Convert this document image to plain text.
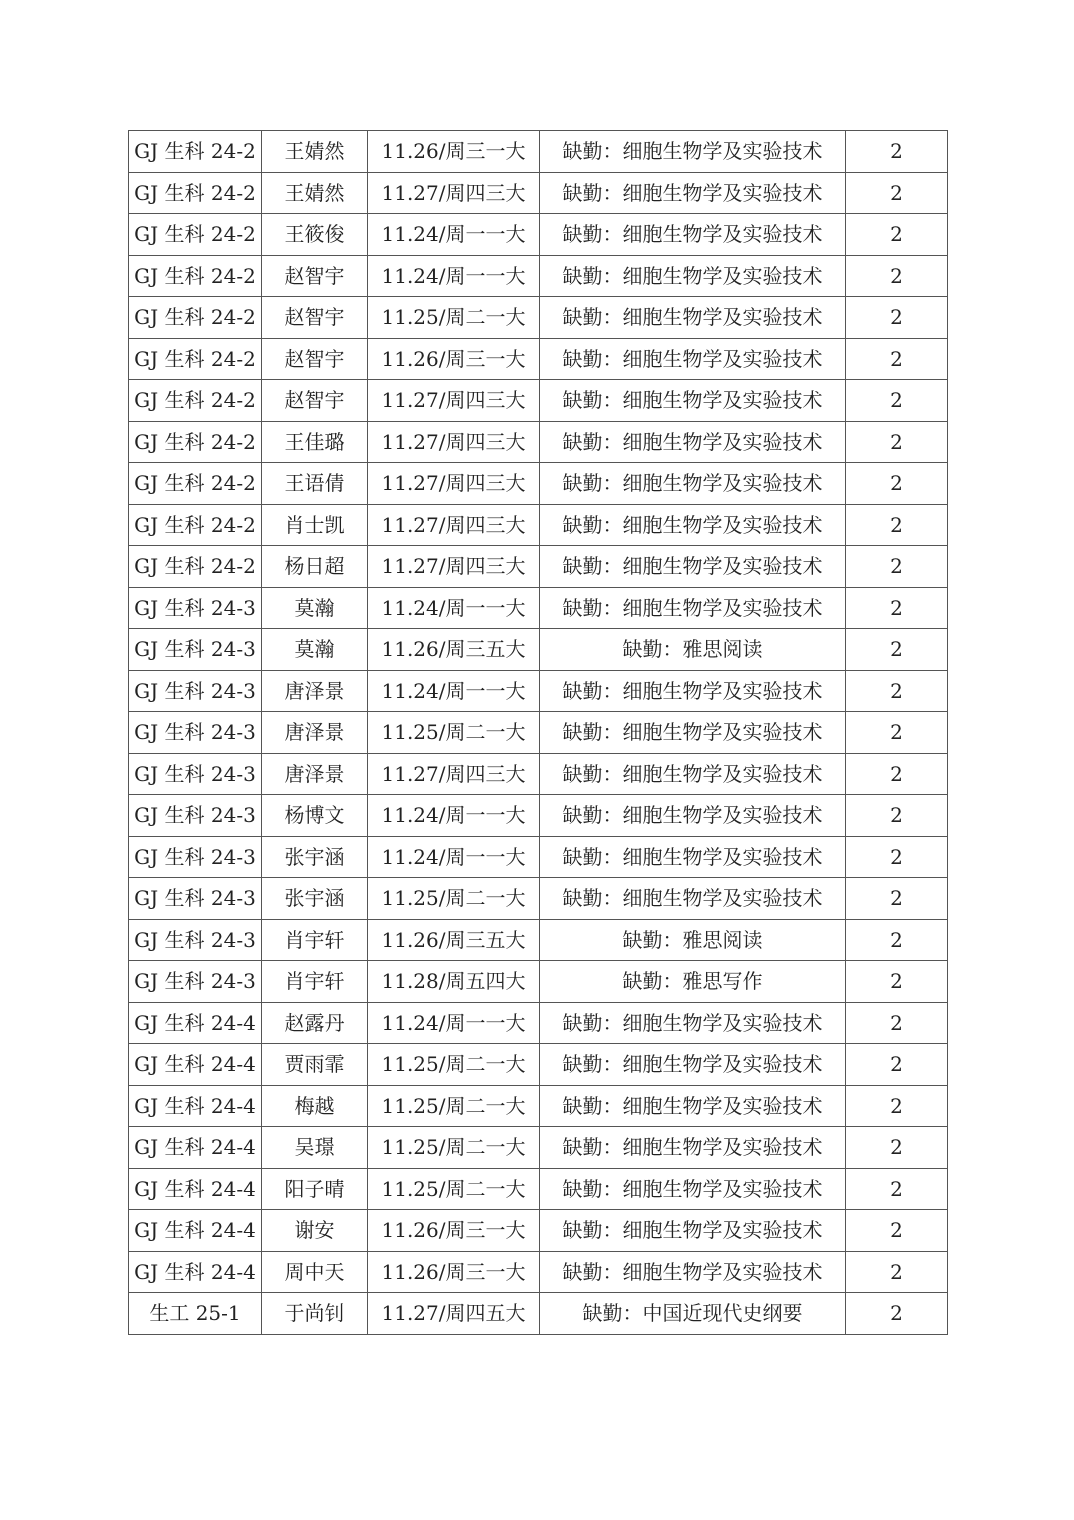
GJ 生科 24-2	王婧然	11.26/周三一大	缺勤：细胞生物学及实验技术	2
GJ 生科 24-2	王婧然	11.27/周四三大	缺勤：细胞生物学及实验技术	2
GJ 生科 24-2	王筱俊	11.24/周一一大	缺勤：细胞生物学及实验技术	2
GJ 生科 24-2	赵智宇	11.24/周一一大	缺勤：细胞生物学及实验技术	2
GJ 生科 24-2	赵智宇	11.25/周二一大	缺勤：细胞生物学及实验技术	2
GJ 生科 24-2	赵智宇	11.26/周三一大	缺勤：细胞生物学及实验技术	2
GJ 生科 24-2	赵智宇	11.27/周四三大	缺勤：细胞生物学及实验技术	2
GJ 生科 24-2	王佳璐	11.27/周四三大	缺勤：细胞生物学及实验技术	2
GJ 生科 24-2	王语倩	11.27/周四三大	缺勤：细胞生物学及实验技术	2
GJ 生科 24-2	肖士凯	11.27/周四三大	缺勤：细胞生物学及实验技术	2
GJ 生科 24-2	杨日超	11.27/周四三大	缺勤：细胞生物学及实验技术	2
GJ 生科 24-3	莫瀚	11.24/周一一大	缺勤：细胞生物学及实验技术	2
GJ 生科 24-3	莫瀚	11.26/周三五大	缺勤：雅思阅读	2
GJ 生科 24-3	唐泽景	11.24/周一一大	缺勤：细胞生物学及实验技术	2
GJ 生科 24-3	唐泽景	11.25/周二一大	缺勤：细胞生物学及实验技术	2
GJ 生科 24-3	唐泽景	11.27/周四三大	缺勤：细胞生物学及实验技术	2
GJ 生科 24-3	杨博文	11.24/周一一大	缺勤：细胞生物学及实验技术	2
GJ 生科 24-3	张宇涵	11.24/周一一大	缺勤：细胞生物学及实验技术	2
GJ 生科 24-3	张宇涵	11.25/周二一大	缺勤：细胞生物学及实验技术	2
GJ 生科 24-3	肖宇轩	11.26/周三五大	缺勤：雅思阅读	2
GJ 生科 24-3	肖宇轩	11.28/周五四大	缺勤：雅思写作	2
GJ 生科 24-4	赵露丹	11.24/周一一大	缺勤：细胞生物学及实验技术	2
GJ 生科 24-4	贾雨霏	11.25/周二一大	缺勤：细胞生物学及实验技术	2
GJ 生科 24-4	梅越	11.25/周二一大	缺勤：细胞生物学及实验技术	2
GJ 生科 24-4	吴璟	11.25/周二一大	缺勤：细胞生物学及实验技术	2
GJ 生科 24-4	阳子晴	11.25/周二一大	缺勤：细胞生物学及实验技术	2
GJ 生科 24-4	谢安	11.26/周三一大	缺勤：细胞生物学及实验技术	2
GJ 生科 24-4	周中天	11.26/周三一大	缺勤：细胞生物学及实验技术	2
生工 25-1	于尚钊	11.27/周四五大	缺勤：中国近现代史纲要	2
